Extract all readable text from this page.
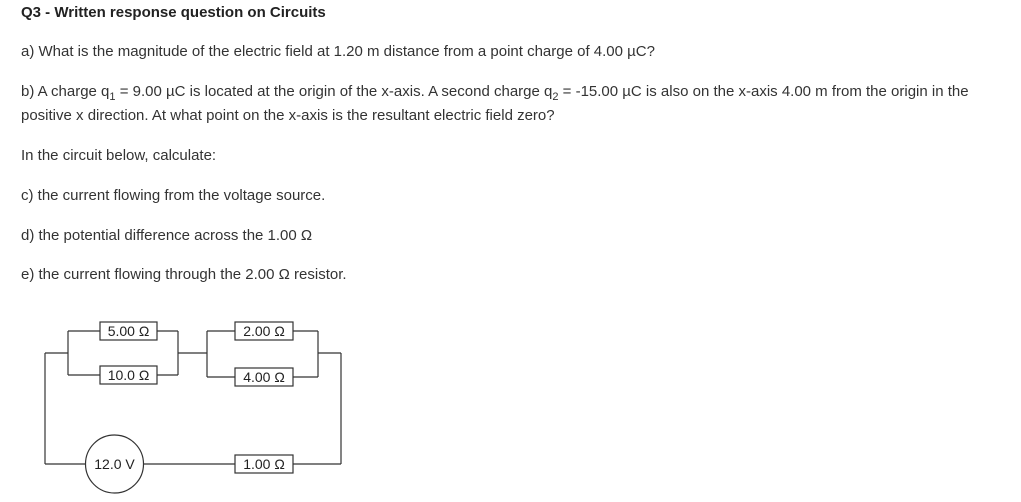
Q3 - Written response question on Circuits
a) What is the magnitude of the electric field at 1.20 m distance from a point charge of 4.00 µC?
b) A charge $q_1 = 9.00$ µC is located at the origin of the x-axis. A second charge $q_2 = -15.00$ µC is also on the x-axis 4.00 m from the origin in the positive x direction. At what point on the x-axis is the resultant electric field zero?
In the circuit below, calculate:
c) the current flowing from the voltage source.
d) the potential difference across the 1.00 Ω
e) the current flowing through the 2.00 Ω resistor.
5.00 Ω
10.0 Ω
2.00 Ω
4.00 Ω
1.00 Ω
12.0 V
